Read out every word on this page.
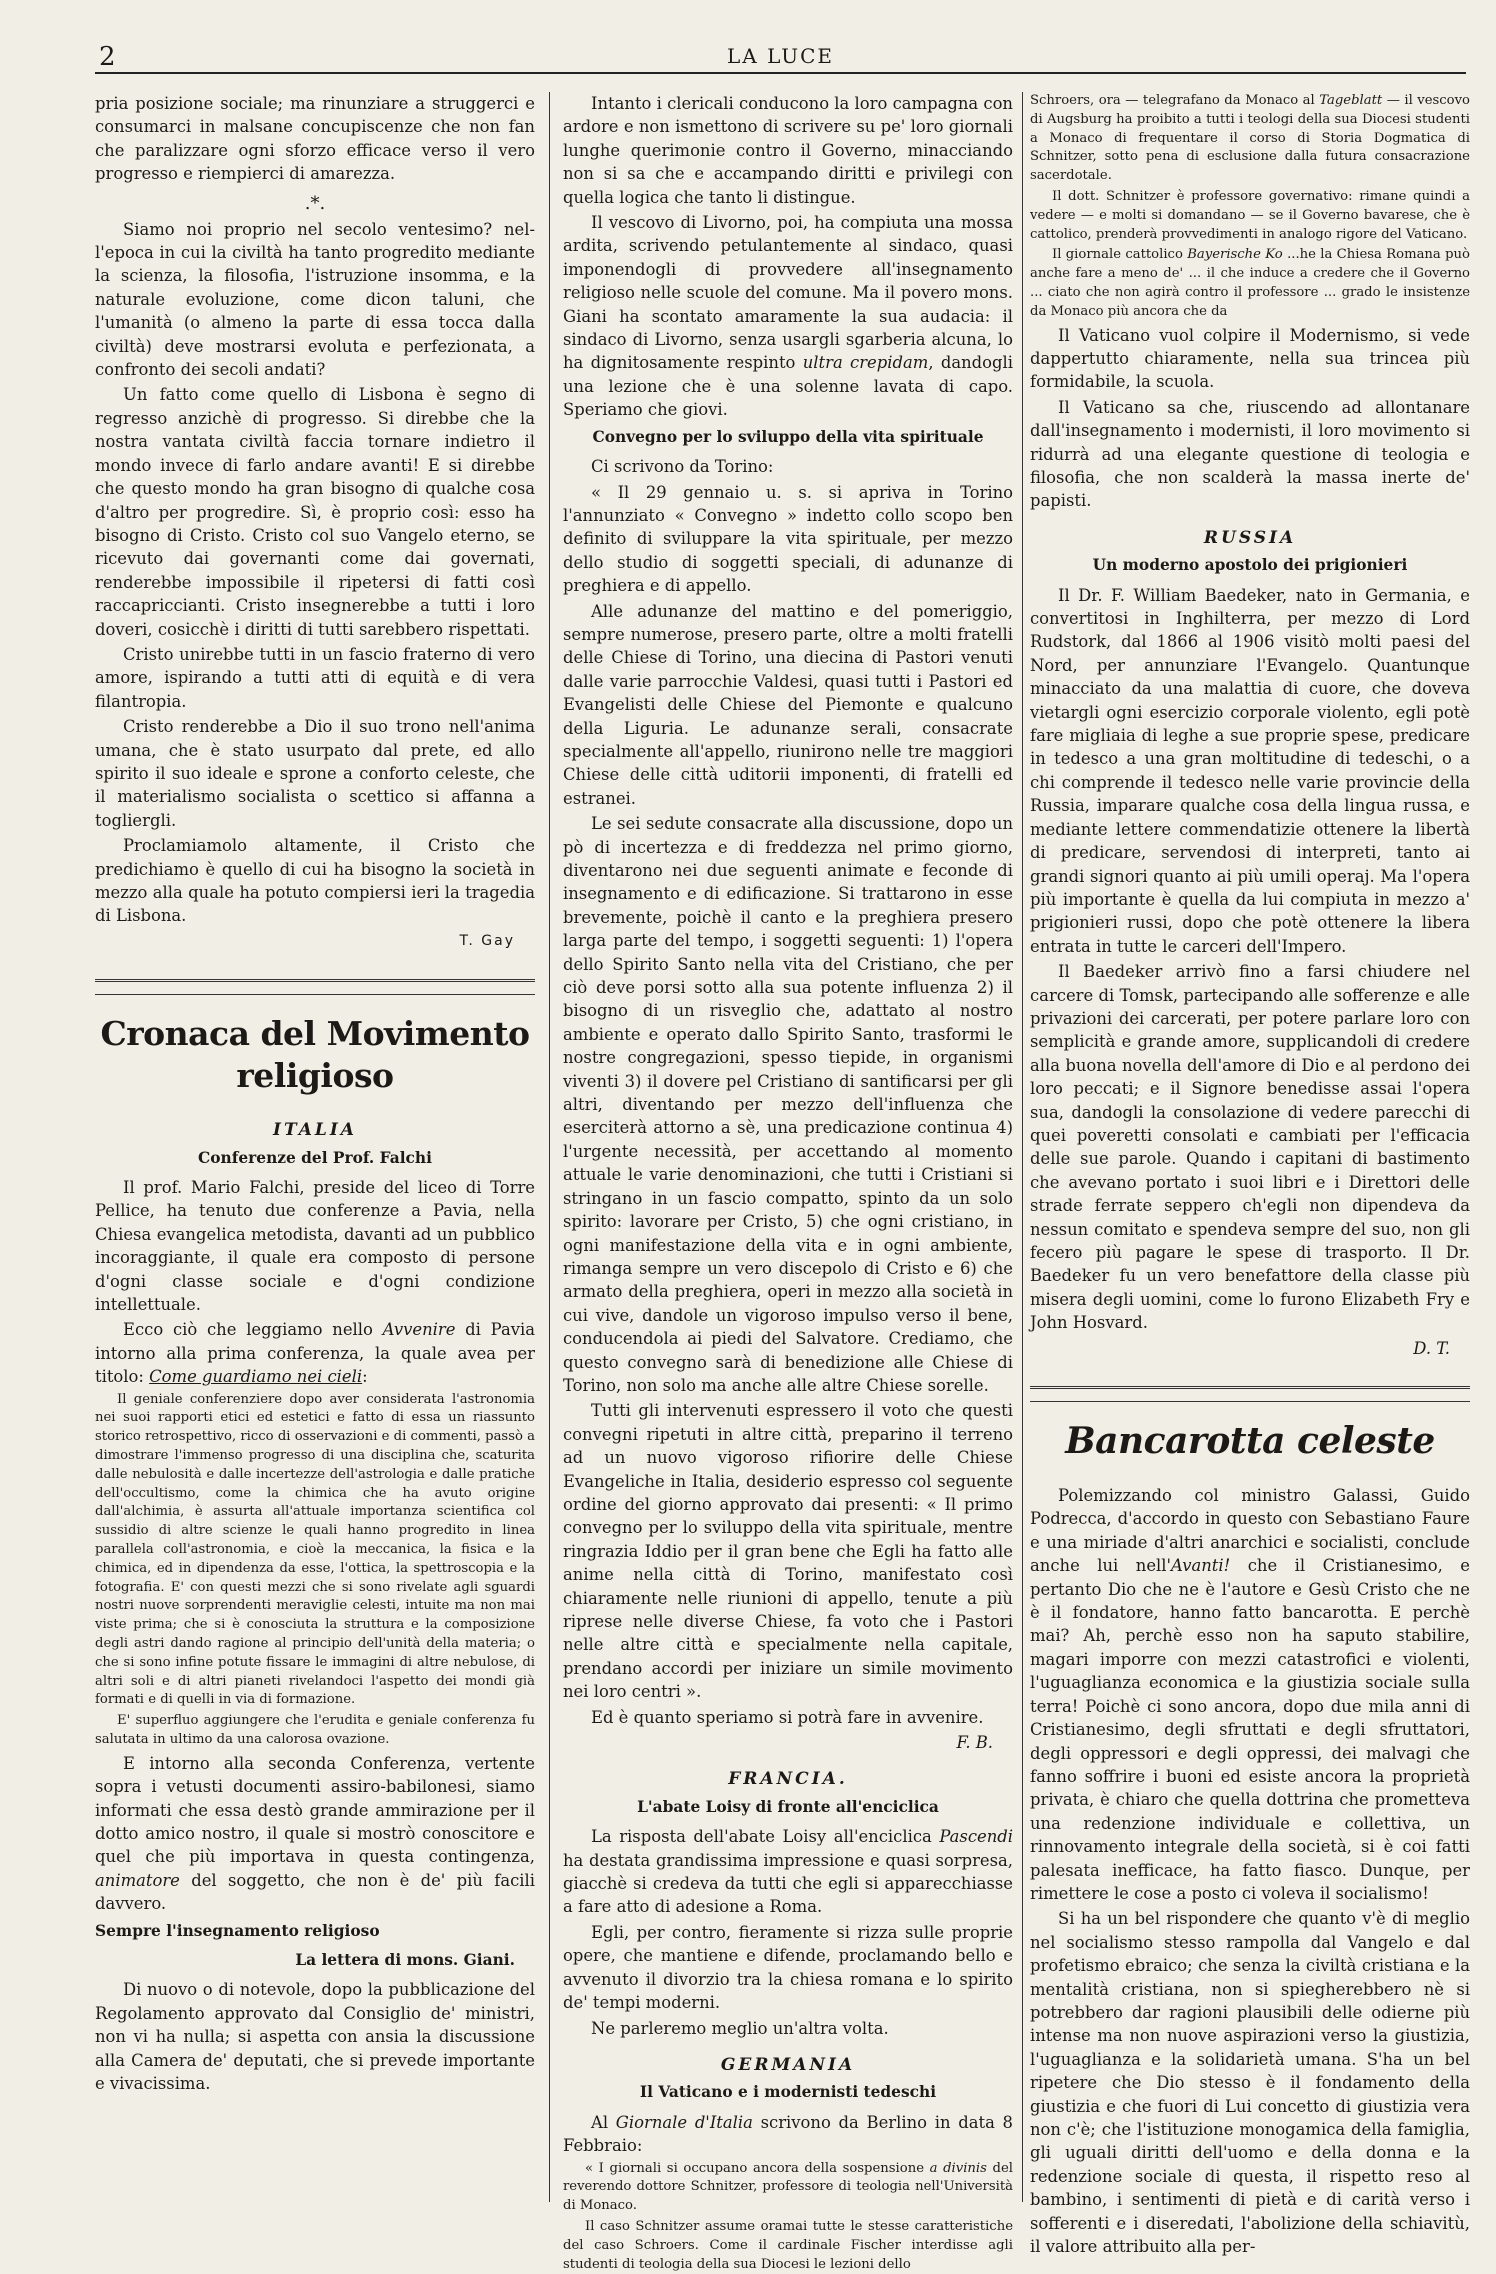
2	LA LUCE

pria posizione sociale; ma rinunziare a struggerci e consumarci in malsane concupiscenze che non fan che paralizzare ogni sforzo efficace verso il vero progresso e riempierci di amarezza.

.*.

Siamo noi proprio nel secolo ventesimo? nel-l'epoca in cui la civiltà ha tanto progredito mediante la scienza, la filosofia, l'istruzione insomma, e la naturale evoluzione, come dicon taluni, che l'umanità (o almeno la parte di essa tocca dalla civiltà) deve mostrarsi evoluta e perfezionata, a confronto dei secoli andati?

Un fatto come quello di Lisbona è segno di regresso anzichè di progresso. Si direbbe che la nostra vantata civiltà faccia tornare indietro il mondo invece di farlo andare avanti! E si direbbe che questo mondo ha gran bisogno di qualche cosa d'altro per progredire. Sì, è proprio così: esso ha bisogno di Cristo. Cristo col suo Vangelo eterno, se ricevuto dai governanti come dai governati, renderebbe impossibile il ripetersi di fatti così raccapriccianti. Cristo insegnerebbe a tutti i loro doveri, cosicchè i diritti di tutti sarebbero rispettati.

Cristo unirebbe tutti in un fascio fraterno di vero amore, ispirando a tutti atti di equità e di vera filantropia.

Cristo renderebbe a Dio il suo trono nell'anima umana, che è stato usurpato dal prete, ed allo spirito il suo ideale e sprone a conforto celeste, che il materialismo socialista o scettico si affanna a togliergli.

Proclamiamolo altamente, il Cristo che predichiamo è quello di cui ha bisogno la società in mezzo alla quale ha potuto compiersi ieri la tragedia di Lisbona.

T. Gay

Cronaca del Movimento religioso
ITALIA
Conferenze del Prof. Falchi

Il prof. Mario Falchi, preside del liceo di Torre Pellice, ha tenuto due conferenze a Pavia, nella Chiesa evangelica metodista, davanti ad un pubblico incoraggiante, il quale era composto di persone d'ogni classe sociale e d'ogni condizione intellettuale.

Ecco ciò che leggiamo nello Avvenire di Pavia intorno alla prima conferenza, la quale avea per titolo: Come guardiamo nei cieli:

Il geniale conferenziere dopo aver considerata l'astronomia nei suoi rapporti etici ed estetici e fatto di essa un riassunto storico retrospettivo, ricco di osservazioni e di commenti, passò a dimostrare l'immenso progresso di una disciplina che, scaturita dalle nebulosità e dalle incertezze dell'astrologia e dalle pratiche dell'occultismo, come la chimica che ha avuto origine dall'alchimia, è assurta all'attuale importanza scientifica col sussidio di altre scienze le quali hanno progredito in linea parallela coll'astronomia, e cioè la meccanica, la fisica e la chimica, ed in dipendenza da esse, l'ottica, la spettroscopia e la fotografia. E' con questi mezzi che si sono rivelate agli sguardi nostri nuove sorprendenti meraviglie celesti, intuite ma non mai viste prima; che si è conosciuta la struttura e la composizione degli astri dando ragione al principio dell'unità della materia; o che si sono infine potute fissare le immagini di altre nebulose, di altri soli e di altri pianeti rivelandoci l'aspetto dei mondi già formati e di quelli in via di formazione.

E' superfluo aggiungere che l'erudita e geniale conferenza fu salutata in ultimo da una calorosa ovazione.

E intorno alla seconda Conferenza, vertente sopra i vetusti documenti assiro-babilonesi, siamo informati che essa destò grande ammirazione per il dotto amico nostro, il quale si mostrò conoscitore e quel che più importava in questa contingenza, animatore del soggetto, che non è de' più facili davvero.

Sempre l'insegnamento religioso
La lettera di mons. Giani.

Di nuovo o di notevole, dopo la pubblicazione del Regolamento approvato dal Consiglio de' ministri, non vi ha nulla; si aspetta con ansia la discussione alla Camera de' deputati, che si prevede importante e vivacissima.

Intanto i clericali conducono la loro campagna con ardore e non ismettono di scrivere su pe' loro giornali lunghe querimonie contro il Governo, minacciando non si sa che e accampando diritti e privilegi con quella logica che tanto li distingue.

Il vescovo di Livorno, poi, ha compiuta una mossa ardita, scrivendo petulantemente al sindaco, quasi imponendogli di provvedere all'insegnamento religioso nelle scuole del comune. Ma il povero mons. Giani ha scontato amaramente la sua audacia: il sindaco di Livorno, senza usargli sgarberia alcuna, lo ha dignitosamente respinto ultra crepidam, dandogli una lezione che è una solenne lavata di capo. Speriamo che giovi.

Convegno per lo sviluppo della vita spirituale

Ci scrivono da Torino:

« Il 29 gennaio u. s. si apriva in Torino l'annunziato « Convegno » indetto collo scopo ben definito di sviluppare la vita spirituale, per mezzo dello studio di soggetti speciali, di adunanze di preghiera e di appello.

Alle adunanze del mattino e del pomeriggio, sempre numerose, presero parte, oltre a molti fratelli delle Chiese di Torino, una diecina di Pastori venuti dalle varie parrocchie Valdesi, quasi tutti i Pastori ed Evangelisti delle Chiese del Piemonte e qualcuno della Liguria. Le adunanze serali, consacrate specialmente all'appello, riunirono nelle tre maggiori Chiese delle città uditorii imponenti, di fratelli ed estranei.

Le sei sedute consacrate alla discussione, dopo un pò di incertezza e di freddezza nel primo giorno, diventarono nei due seguenti animate e feconde di insegnamento e di edificazione. Si trattarono in esse brevemente, poichè il canto e la preghiera presero larga parte del tempo, i soggetti seguenti: 1) l'opera dello Spirito Santo nella vita del Cristiano, che per ciò deve porsi sotto alla sua potente influenza 2) il bisogno di un risveglio che, adattato al nostro ambiente e operato dallo Spirito Santo, trasformi le nostre congregazioni, spesso tiepide, in organismi viventi 3) il dovere pel Cristiano di santificarsi per gli altri, diventando per mezzo dell'influenza che eserciterà attorno a sè, una predicazione continua 4) l'urgente necessità, per accettando al momento attuale le varie denominazioni, che tutti i Cristiani si stringano in un fascio compatto, spinto da un solo spirito: lavorare per Cristo, 5) che ogni cristiano, in ogni manifestazione della vita e in ogni ambiente, rimanga sempre un vero discepolo di Cristo e 6) che armato della preghiera, operi in mezzo alla società in cui vive, dandole un vigoroso impulso verso il bene, conducendola ai piedi del Salvatore. Crediamo, che questo convegno sarà di benedizione alle Chiese di Torino, non solo ma anche alle altre Chiese sorelle.

Tutti gli intervenuti espressero il voto che questi convegni ripetuti in altre città, preparino il terreno ad un nuovo vigoroso rifiorire delle Chiese Evangeliche in Italia, desiderio espresso col seguente ordine del giorno approvato dai presenti: « Il primo convegno per lo sviluppo della vita spirituale, mentre ringrazia Iddio per il gran bene che Egli ha fatto alle anime nella città di Torino, manifestato così chiaramente nelle riunioni di appello, tenute a più riprese nelle diverse Chiese, fa voto che i Pastori nelle altre città e specialmente nella capitale, prendano accordi per iniziare un simile movimento nei loro centri ».

Ed è quanto speriamo si potrà fare in avvenire.

F. B.

FRANCIA.
L'abate Loisy di fronte all'enciclica

La risposta dell'abate Loisy all'enciclica Pascendi ha destata grandissima impressione e quasi sorpresa, giacchè si credeva da tutti che egli si apparecchiasse a fare atto di adesione a Roma.

Egli, per contro, fieramente si rizza sulle proprie opere, che mantiene e difende, proclamando bello e avvenuto il divorzio tra la chiesa romana e lo spirito de' tempi moderni.

Ne parleremo meglio un'altra volta.

GERMANIA
Il Vaticano e i modernisti tedeschi

Al Giornale d'Italia scrivono da Berlino in data 8 Febbraio:

« I giornali si occupano ancora della sospensione a divinis del reverendo dottore Schnitzer, professore di teologia nell'Università di Monaco.

Il caso Schnitzer assume oramai tutte le stesse caratteristiche del caso Schroers. Come il cardinale Fischer interdisse agli studenti di teologia della sua Diocesi le lezioni dello

Schroers, ora — telegrafano da Monaco al Tageblatt — il vescovo di Augsburg ha proibito a tutti i teologi della sua Diocesi studenti a Monaco di frequentare il corso di Storia Dogmatica di Schnitzer, sotto pena di esclusione dalla futura consacrazione sacerdotale.

Il dott. Schnitzer è professore governativo: rimane quindi a vedere — e molti si domandano — se il Governo bavarese, che è cattolico, prenderà provvedimenti in analogo rigore del Vaticano.

Il giornale cattolico Bayerische Ko ...he la Chiesa Romana può anche fare a meno de' ... il che induce a credere che il Governo ... ciato che non agirà contro il professore ... grado le insistenze da Monaco più ancora che da

Il Vaticano vuol colpire il Modernismo, si vede dappertutto chiaramente, nella sua trincea più formidabile, la scuola.

Il Vaticano sa che, riuscendo ad allontanare dall'insegnamento i modernisti, il loro movimento si ridurrà ad una elegante questione di teologia e filosofia, che non scalderà la massa inerte de' papisti.

RUSSIA
Un moderno apostolo dei prigionieri

Il Dr. F. William Baedeker, nato in Germania, e convertitosi in Inghilterra, per mezzo di Lord Rudstork, dal 1866 al 1906 visitò molti paesi del Nord, per annunziare l'Evangelo. Quantunque minacciato da una malattia di cuore, che doveva vietargli ogni esercizio corporale violento, egli potè fare migliaia di leghe a sue proprie spese, predicare in tedesco a una gran moltitudine di tedeschi, o a chi comprende il tedesco nelle varie provincie della Russia, imparare qualche cosa della lingua russa, e mediante lettere commendatizie ottenere la libertà di predicare, servendosi di interpreti, tanto ai grandi signori quanto ai più umili operaj. Ma l'opera più importante è quella da lui compiuta in mezzo a' prigionieri russi, dopo che potè ottenere la libera entrata in tutte le carceri dell'Impero.

Il Baedeker arrivò fino a farsi chiudere nel carcere di Tomsk, partecipando alle sofferenze e alle privazioni dei carcerati, per potere parlare loro con semplicità e grande amore, supplicandoli di credere alla buona novella dell'amore di Dio e al perdono dei loro peccati; e il Signore benedisse assai l'opera sua, dandogli la consolazione di vedere parecchi di quei poveretti consolati e cambiati per l'efficacia delle sue parole. Quando i capitani di bastimento che avevano portato i suoi libri e i Direttori delle strade ferrate seppero ch'egli non dipendeva da nessun comitato e spendeva sempre del suo, non gli fecero più pagare le spese di trasporto. Il Dr. Baedeker fu un vero benefattore della classe più misera degli uomini, come lo furono Elizabeth Fry e John Hosvard.

D. T.

Bancarotta celeste

Polemizzando col ministro Galassi, Guido Podrecca, d'accordo in questo con Sebastiano Faure e una miriade d'altri anarchici e socialisti, conclude anche lui nell'Avanti! che il Cristianesimo, e pertanto Dio che ne è l'autore e Gesù Cristo che ne è il fondatore, hanno fatto bancarotta. E perchè mai? Ah, perchè esso non ha saputo stabilire, magari imporre con mezzi catastrofici e violenti, l'uguaglianza economica e la giustizia sociale sulla terra! Poichè ci sono ancora, dopo due mila anni di Cristianesimo, degli sfruttati e degli sfruttatori, degli oppressori e degli oppressi, dei malvagi che fanno soffrire i buoni ed esiste ancora la proprietà privata, è chiaro che quella dottrina che prometteva una redenzione individuale e collettiva, un rinnovamento integrale della società, si è coi fatti palesata inefficace, ha fatto fiasco. Dunque, per rimettere le cose a posto ci voleva il socialismo!

Si ha un bel rispondere che quanto v'è di meglio nel socialismo stesso rampolla dal Vangelo e dal profetismo ebraico; che senza la civiltà cristiana e la mentalità cristiana, non si spiegherebbero nè si potrebbero dar ragioni plausibili delle odierne più intense ma non nuove aspirazioni verso la giustizia, l'uguaglianza e la solidarietà umana. S'ha un bel ripetere che Dio stesso è il fondamento della giustizia e che fuori di Lui concetto di giustizia vera non c'è; che l'istituzione monogamica della famiglia, gli uguali diritti dell'uomo e della donna e la redenzione sociale di questa, il rispetto reso al bambino, i sentimenti di pietà e di carità verso i sofferenti e i diseredati, l'abolizione della schiavitù, il valore attribuito alla per-
